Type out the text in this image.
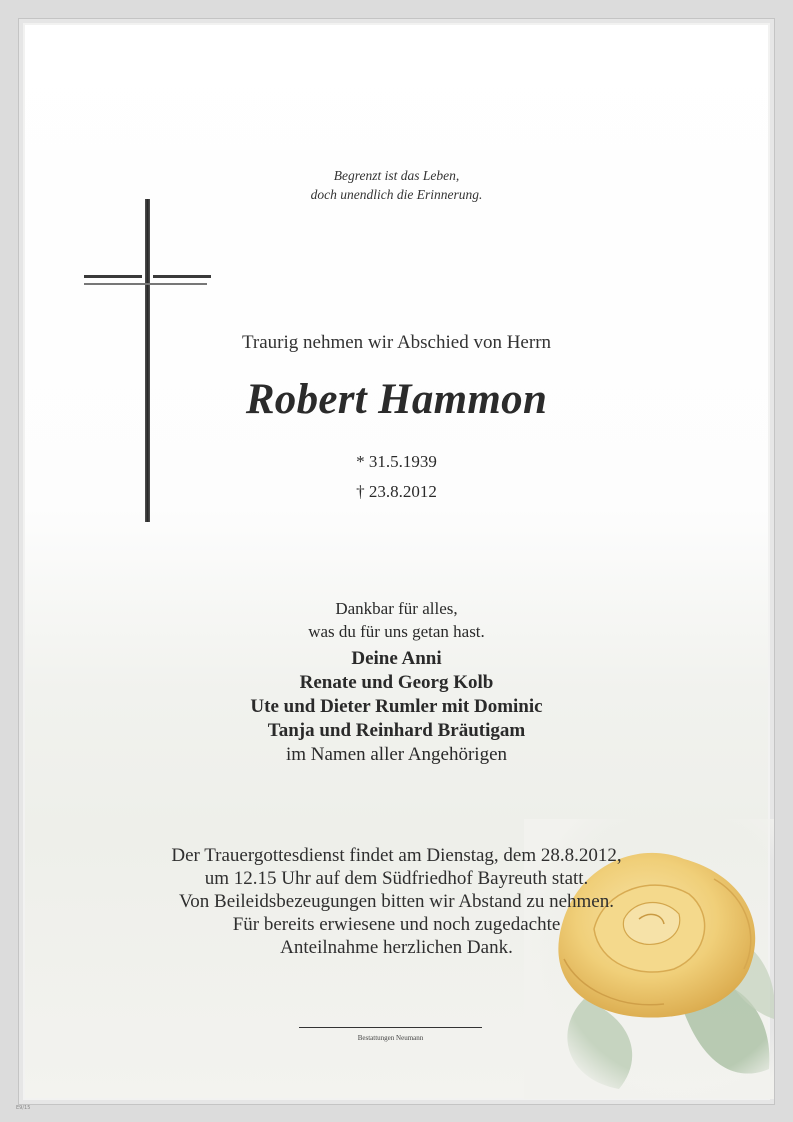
Begrenzt ist das Leben,
doch unendlich die Erinnerung.
Traurig nehmen wir Abschied von Herrn
Robert Hammon
* 31.5.1939
† 23.8.2012
Dankbar für alles,
was du für uns getan hast.
Deine Anni
Renate und Georg Kolb
Ute und Dieter Rumler mit Dominic
Tanja und Reinhard Bräutigam
im Namen aller Angehörigen
Der Trauergottesdienst findet am Dienstag, dem 28.8.2012,
um 12.15 Uhr auf dem Südfriedhof Bayreuth statt.
Von Beileidsbezeugungen bitten wir Abstand zu nehmen.
Für bereits erwiesene und noch zugedachte
Anteilnahme herzlichen Dank.
Bestattungen Neumann
E9/15
